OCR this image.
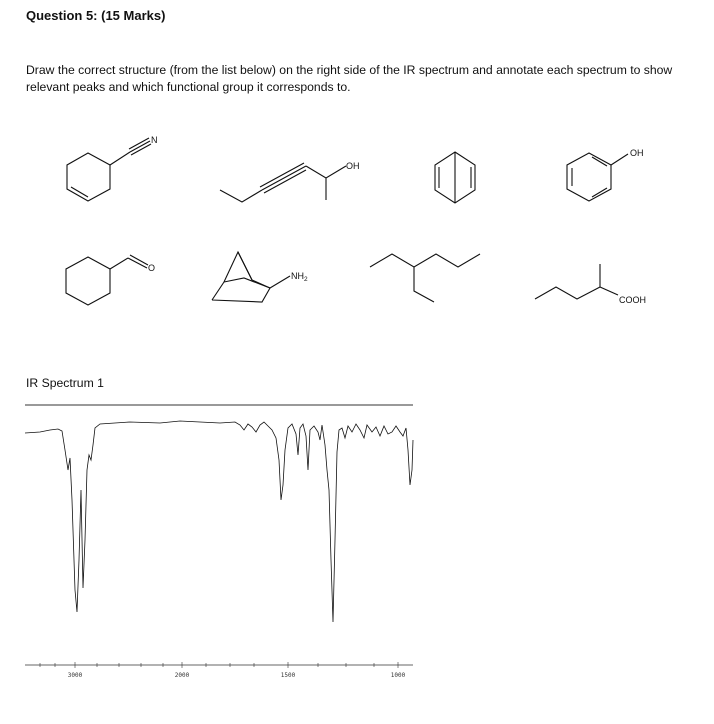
Question 5: (15 Marks)
Draw the correct structure (from the list below) on the right side of the IR spectrum and annotate each spectrum to show relevant peaks and which functional group it corresponds to.
N
OH
OH
O
$NH_2$
COOH
IR Spectrum 1
3000	2000	1500	1000
